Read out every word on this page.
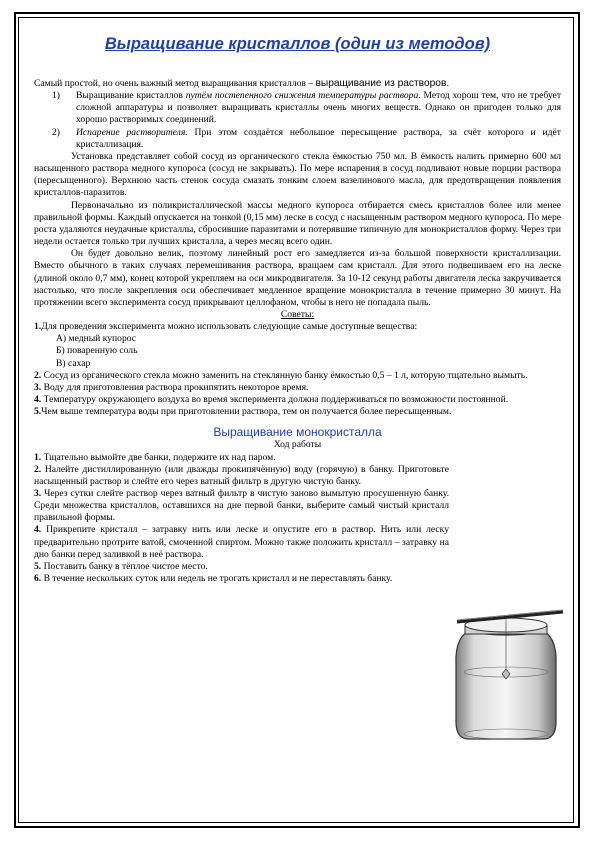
Выращивание кристаллов (один из методов)

Самый простой, но очень важный метод выращивания кристаллов – выращивание из растворов.

1)	Выращивание кристаллов путём постепенного снижения температуры раствора. Метод хорош тем, что не требует сложной аппаратуры и позволяет выращивать кристаллы очень многих веществ. Однако он пригоден только для хорошо растворимых соединений.

2)	Испарение растворителя. При этом создаётся небольшое пересыщение раствора, за счёт которого и идёт кристаллизация.

Установка представляет собой сосуд из органического стекла ёмкостью 750 мл. В ёмкость налить примерно 600 мл насыщенного раствора медного купороса (сосуд не закрывать). По мере испарения в сосуд подливают новые порции раствора (пересыщенного). Верхнюю часть стенок сосуда смазать тонким слоем вазелинового масла, для предотвращения появления кристаллов-паразитов.

Первоначально из поликристаллической массы медного купороса отбирается смесь кристаллов более или менее правильной формы. Каждый опускается на тонкой (0,15 мм) леске в сосуд с насыщенным раствором медного купороса. По мере роста удаляются неудачные кристаллы, сбросившие паразитами и потерявшие типичную для монокристаллов форму. Через три недели остается только три лучших кристалла, а через месяц всего один.

Он будет довольно велик, поэтому линейный рост его замедляется из-за большой поверхности кристаллизации. Вместо обычного в таких случаях перемешивания раствора, вращаем сам кристалл. Для этого подвешиваем его на леске (длиной около 0,7 мм), конец которой укрепляем на оси микродвигателя. За 10-12 секунд работы двигателя леска закручивается настолько, что после закрепления оси обеспечивает медленное вращение монокристалла в течение примерно 30 минут. На протяжении всего эксперимента сосуд прикрывают целлофаном, чтобы в него не попадала пыль.

Советы:

1.Для проведения эксперимента можно использовать следующие самые доступные вещества:

А) медный купорос

Б) поваренную соль

В) сахар

2. Сосуд из органического стекла можно заменить на стеклянную банку ёмкостью 0,5 – 1 л, которую тщательно вымыть.

3. Воду для приготовления раствора прокипятить некоторое время.

4. Температуру окружающего воздуха во время эксперимента должна поддерживаться по возможности постоянной.

5.Чем выше температура воды при приготовлении раствора, тем он получается более пересыщенным.

Выращивание монокристалла

Ход работы

1. Тщательно вымойте две банки, подержите их над паром.

2. Налейте дистиллированную (или дважды прокипячённую) воду (горячую) в банку. Приготовьте насыщенный раствор и слейте его через ватный фильтр в другую чистую банку.

3. Через сутки слейте раствор через ватный фильтр в чистую заново вымытую просушенную банку. Среди множества кристаллов, оставшихся на дне первой банки, выберите самый чистый кристалл правильной формы.

4. Прикрепите кристалл – затравку нить или леске и опустите его в раствор. Нить или леску предварительно протрите ватой, смоченной спиртом. Можно также положить кристалл – затравку на дно банки перед заливкой в неё раствора.

5. Поставить банку в тёплое чистое место.

6. В течение нескольких суток или недель не трогать кристалл и не переставлять банку.
